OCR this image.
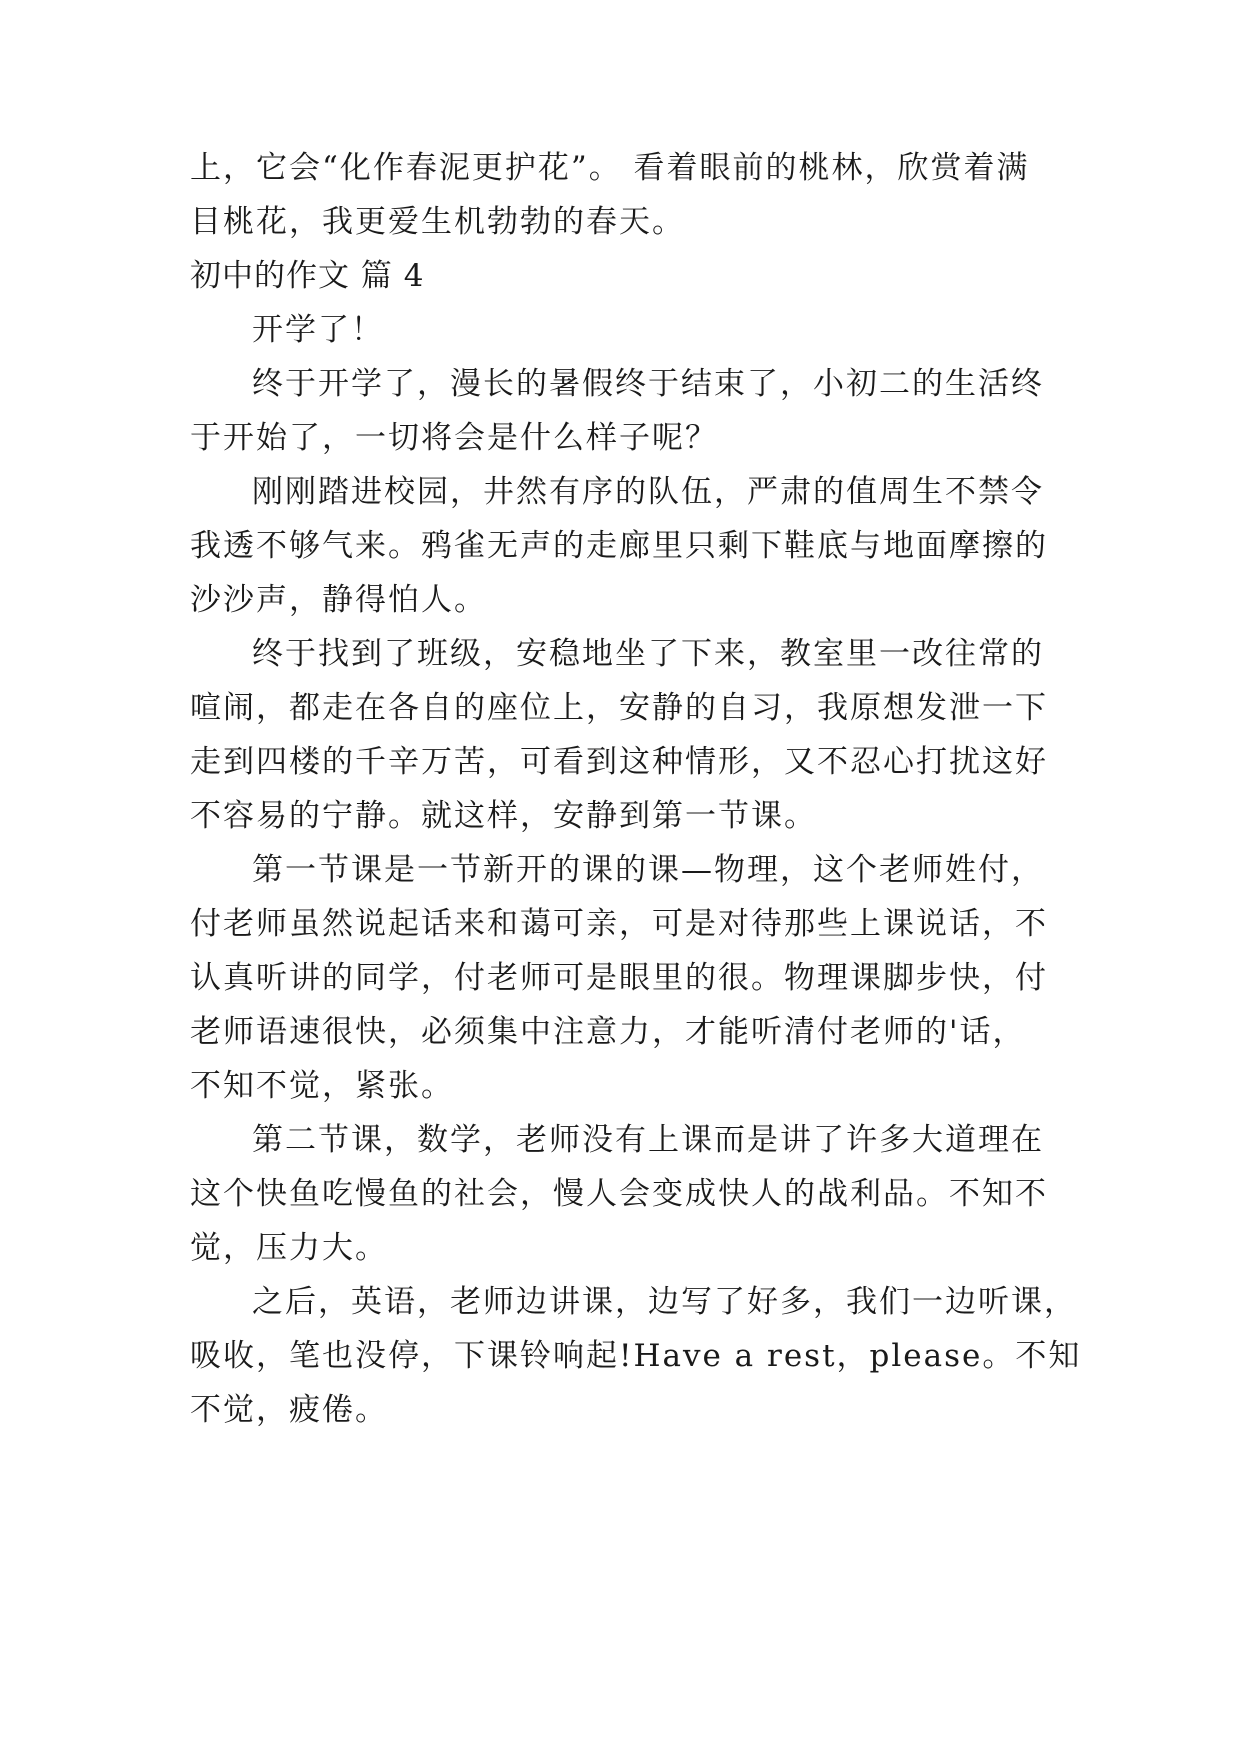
上，它会“化作春泥更护花”。 看着眼前的桃林，欣赏着满
目桃花，我更爱生机勃勃的春天。
初中的作文 篇 4
开学了！
终于开学了，漫长的暑假终于结束了，小初二的生活终
于开始了，一切将会是什么样子呢？
刚刚踏进校园，井然有序的队伍，严肃的值周生不禁令
我透不够气来。鸦雀无声的走廊里只剩下鞋底与地面摩擦的
沙沙声，静得怕人。
终于找到了班级，安稳地坐了下来，教室里一改往常的
喧闹，都走在各自的座位上，安静的自习，我原想发泄一下
走到四楼的千辛万苦，可看到这种情形，又不忍心打扰这好
不容易的宁静。就这样，安静到第一节课。
第一节课是一节新开的课的课—物理，这个老师姓付，
付老师虽然说起话来和蔼可亲，可是对待那些上课说话，不
认真听讲的同学，付老师可是眼里的很。物理课脚步快，付
老师语速很快，必须集中注意力，才能听清付老师的'话，
不知不觉，紧张。
第二节课，数学，老师没有上课而是讲了许多大道理在
这个快鱼吃慢鱼的社会，慢人会变成快人的战利品。不知不
觉，压力大。
之后，英语，老师边讲课，边写了好多，我们一边听课，
吸收，笔也没停，下课铃响起!Have a rest，please。不知
不觉，疲倦。
